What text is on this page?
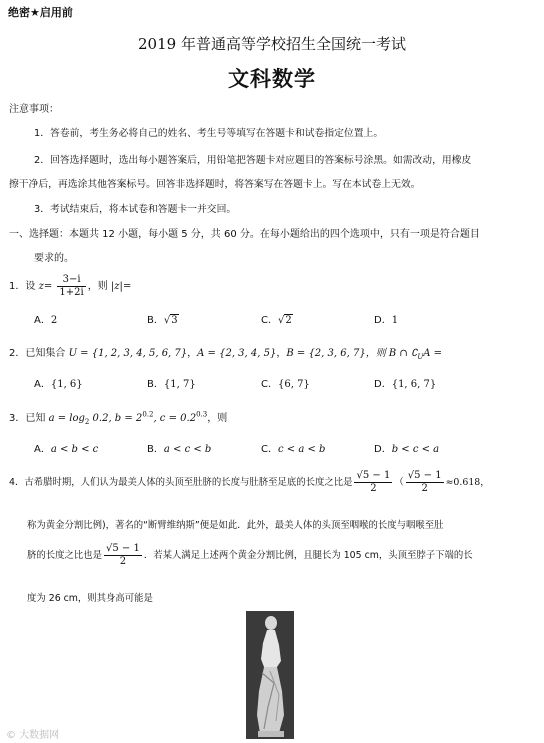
绝密★启用前
2019 年普通高等学校招生全国统一考试
文科数学
注意事项：
1．答卷前，考生务必将自己的姓名、考生号等填写在答题卡和试卷指定位置上。
2．回答选择题时，选出每小题答案后，用铅笔把答题卡对应题目的答案标号涂黑。如需改动，用橡皮
擦干净后，再选涂其他答案标号。回答非选择题时，将答案写在答题卡上。写在本试卷上无效。
3．考试结束后，将本试卷和答题卡一并交回。
一、选择题：本题共 12 小题，每小题 5 分，共 60 分。在每小题给出的四个选项中，只有一项是符合题目
要求的。
1．设 $z= \frac{3-i}{1+2i}$ ，则 |z|=
A．2	B．√3	C．√2	D．1
2．已知集合 U = {1, 2, 3, 4, 5, 6, 7}，A = {2, 3, 4, 5}，B = {2, 3, 6, 7}，则 B ∩ $∁_UA$ =
A．{1, 6}	B．{1, 7}	C．{6, 7}	D．{1, 6, 7}
3．已知 $a = \log_2 0.2$, $b = 2^{0.2}$, $c = 0.2^{0.3}$，则
A．a < b < c	B．a < c < b	C．c < a < b	D．b < c < a
4．古希腊时期，人们认为最美人体的头顶至肚脐的长度与肚脐至足底的长度之比是 $\frac{√5 - 1}{2}$ （ $\frac{√5 - 1}{2} \approx 0.618$，
称为黄金分割比例)，著名的“断臂维纳斯”便是如此．此外，最美人体的头顶至咽喉的长度与咽喉至肚
脐的长度之比也是 $\frac{√5 - 1}{2}$ ．若某人满足上述两个黄金分割比例，且腿长为 105 cm，头顶至脖子下端的长
度为 26 cm，则其身高可能是
© 大数据网
